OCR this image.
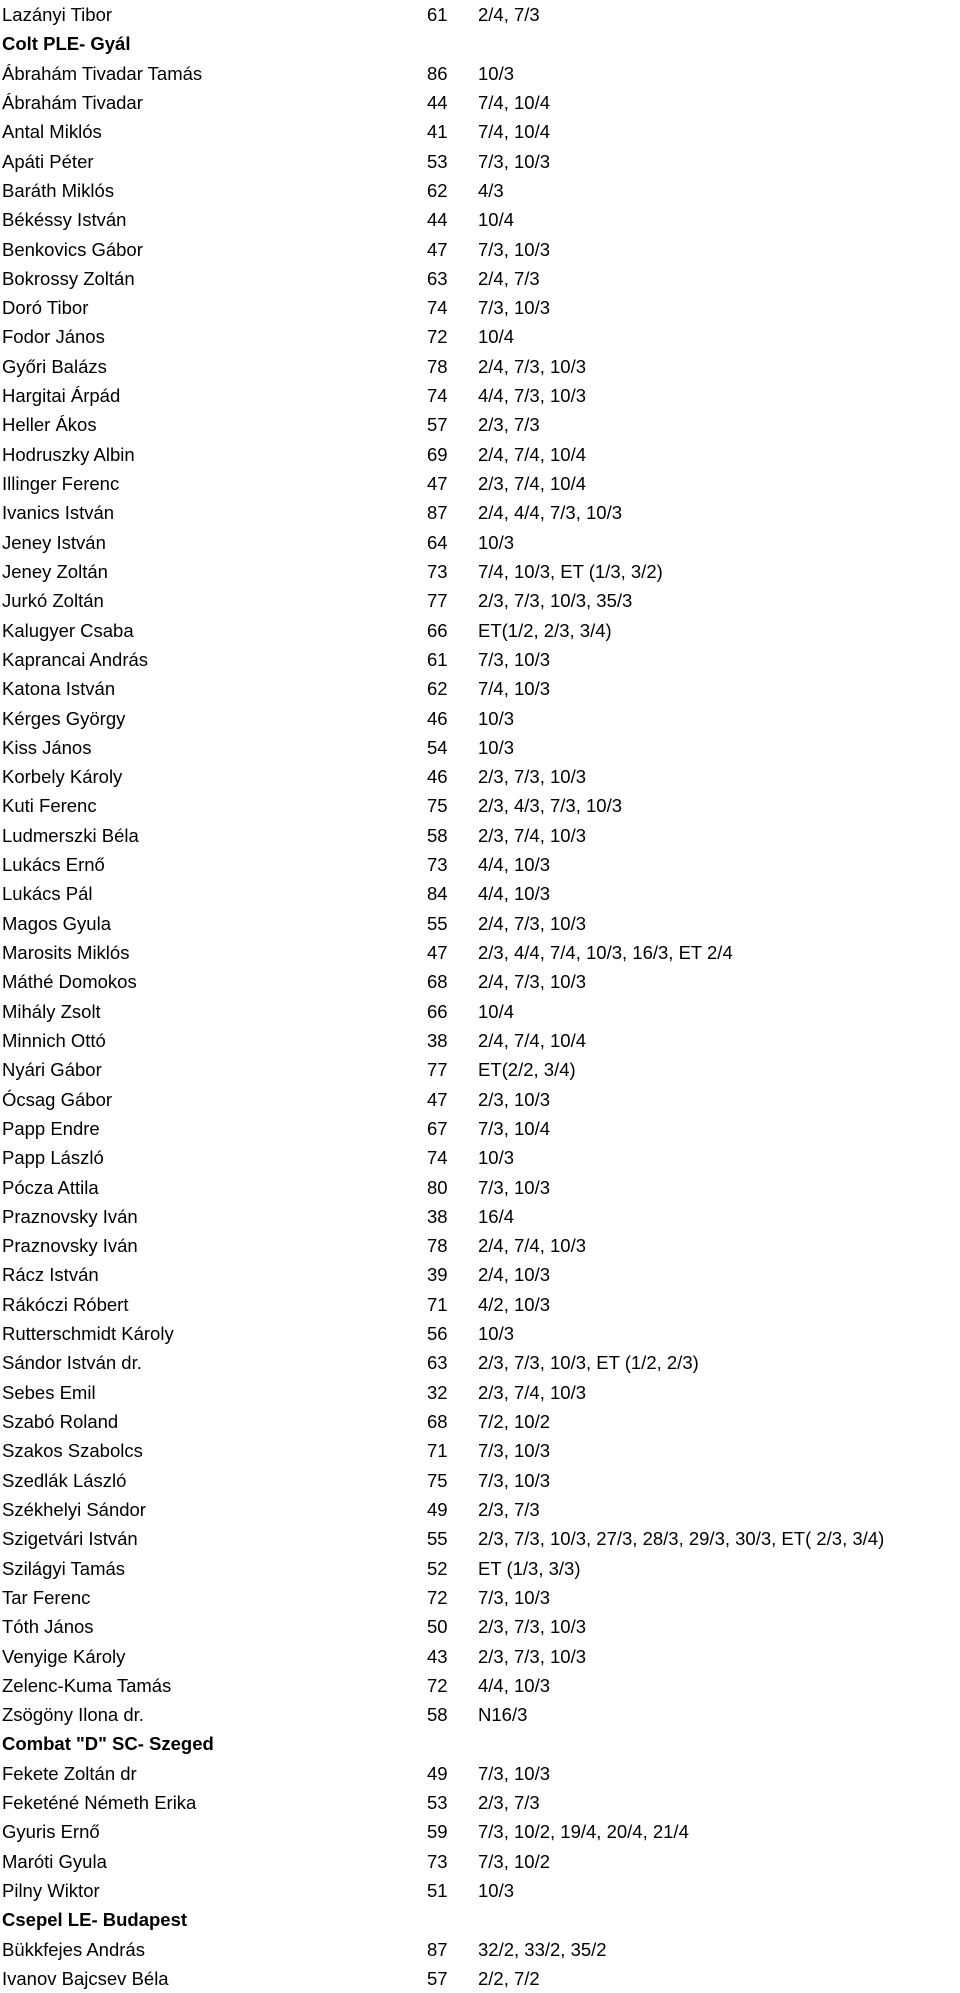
Lazányi Tibor	61 2/4, 7/3
Colt PLE- Gyál
Ábrahám Tivadar Tamás	86 10/3
Ábrahám Tivadar	44 7/4, 10/4
Antal Miklós	41 7/4, 10/4
Apáti Péter	53 7/3, 10/3
Baráth Miklós	62 4/3
Békéssy István	44 10/4
Benkovics Gábor	47 7/3, 10/3
Bokrossy Zoltán	63 2/4, 7/3
Doró Tibor	74 7/3, 10/3
Fodor János	72 10/4
Győri Balázs	78 2/4, 7/3, 10/3
Hargitai Árpád	74 4/4, 7/3, 10/3
Heller Ákos	57 2/3, 7/3
Hodruszky Albin	69 2/4, 7/4, 10/4
Illinger Ferenc	47 2/3, 7/4, 10/4
Ivanics István	87 2/4, 4/4, 7/3, 10/3
Jeney István	64 10/3
Jeney Zoltán	73 7/4, 10/3, ET (1/3, 3/2)
Jurkó Zoltán	77 2/3, 7/3, 10/3, 35/3
Kalugyer Csaba	66 ET(1/2, 2/3, 3/4)
Kaprancai András	61 7/3, 10/3
Katona István	62 7/4, 10/3
Kérges György	46 10/3
Kiss János	54 10/3
Korbely Károly	46 2/3, 7/3, 10/3
Kuti Ferenc	75 2/3, 4/3, 7/3, 10/3
Ludmerszki Béla	58 2/3, 7/4, 10/3
Lukács Ernő	73 4/4, 10/3
Lukács Pál	84 4/4, 10/3
Magos Gyula	55 2/4, 7/3, 10/3
Marosits Miklós	47 2/3, 4/4, 7/4, 10/3, 16/3, ET 2/4
Máthé Domokos	68 2/4, 7/3, 10/3
Mihály Zsolt	66 10/4
Minnich Ottó	38 2/4, 7/4, 10/4
Nyári Gábor	77 ET(2/2, 3/4)
Ócsag Gábor	47 2/3, 10/3
Papp Endre	67 7/3, 10/4
Papp László	74 10/3
Pócza Attila	80 7/3, 10/3
Praznovsky Iván	38 16/4
Praznovsky Iván	78 2/4, 7/4, 10/3
Rácz István	39 2/4, 10/3
Rákóczi Róbert	71 4/2, 10/3
Rutterschmidt Károly	56 10/3
Sándor István dr.	63 2/3, 7/3, 10/3, ET (1/2, 2/3)
Sebes Emil	32 2/3, 7/4, 10/3
Szabó Roland	68 7/2, 10/2
Szakos Szabolcs	71 7/3, 10/3
Szedlák László	75 7/3, 10/3
Székhelyi Sándor	49 2/3, 7/3
Szigetvári István	55 2/3, 7/3, 10/3, 27/3, 28/3, 29/3, 30/3, ET( 2/3, 3/4)
Szilágyi Tamás	52 ET (1/3, 3/3)
Tar Ferenc	72 7/3, 10/3
Tóth János	50 2/3, 7/3, 10/3
Venyige Károly	43 2/3, 7/3, 10/3
Zelenc-Kuma Tamás	72 4/4, 10/3
Zsögöny Ilona dr.	58 N16/3
Combat "D" SC- Szeged
Fekete Zoltán dr	49 7/3, 10/3
Feketéné Németh Erika	53 2/3, 7/3
Gyuris Ernő	59 7/3, 10/2, 19/4, 20/4, 21/4
Maróti Gyula	73 7/3, 10/2
Pilny Wiktor	51 10/3
Csepel LE- Budapest
Bükkfejes András	87 32/2, 33/2, 35/2
Ivanov Bajcsev Béla	57 2/2, 7/2
